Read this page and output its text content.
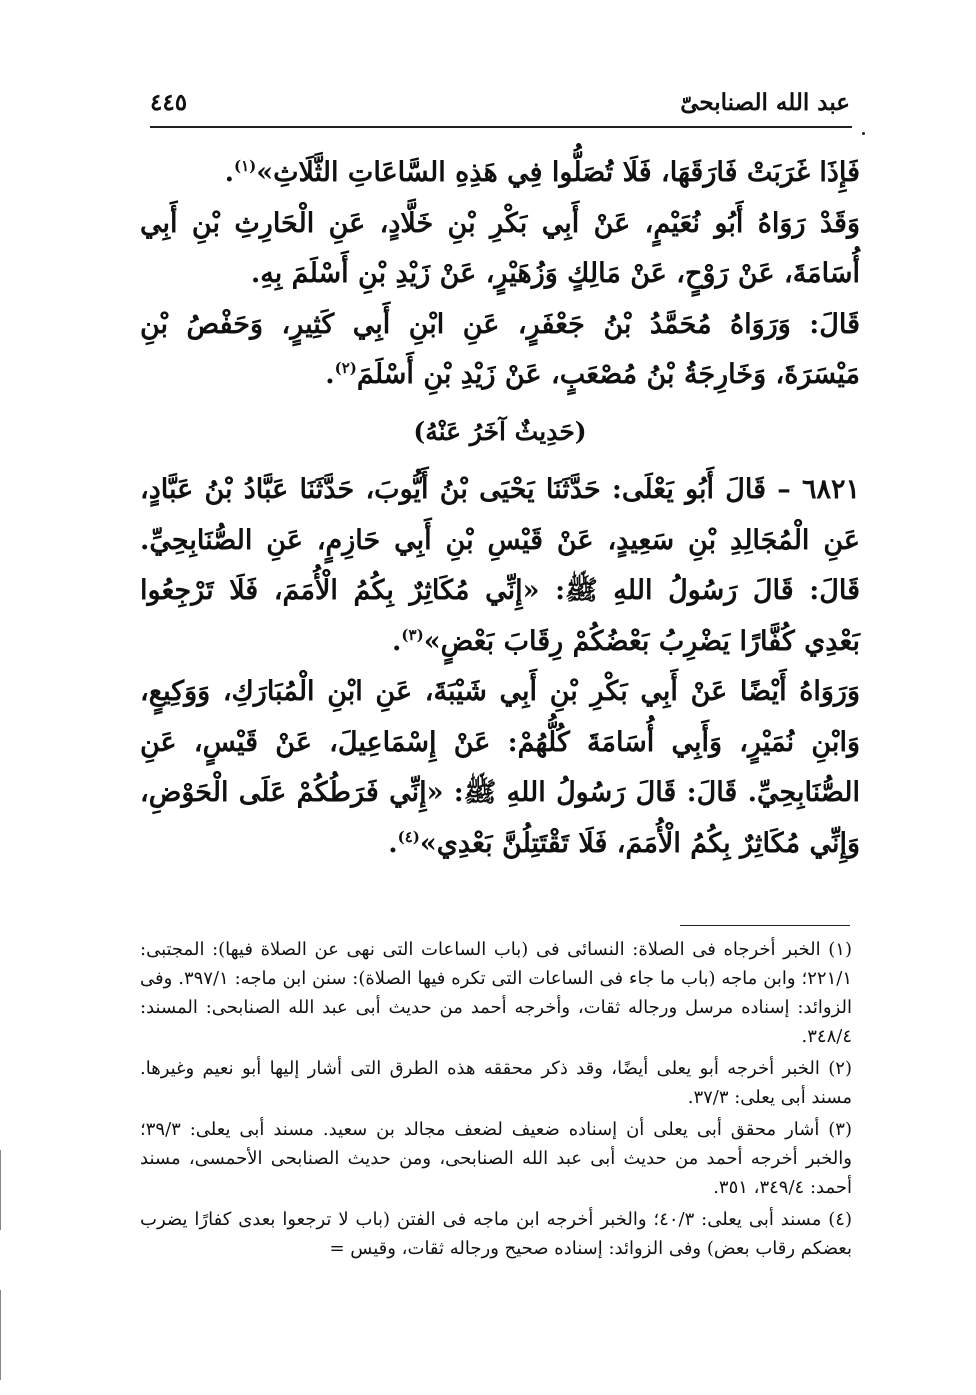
عبد الله الصنابحىّ
٤٤٥

فَإِذَا غَرَبَتْ فَارَقَهَا، فَلَا تُصَلُّوا فِي هَذِهِ السَّاعَاتِ الثَّلَاثِ»$^{(١)}$.

وَقَدْ رَوَاهُ أَبُو نُعَيْمٍ، عَنْ أَبِي بَكْرِ بْنِ خَلَّادٍ، عَنِ الْحَارِثِ بْنِ أَبِي أُسَامَةَ، عَنْ رَوْحٍ، عَنْ مَالِكٍ وَزُهَيْرٍ، عَنْ زَيْدِ بْنِ أَسْلَمَ بِهِ.

قَالَ: وَرَوَاهُ مُحَمَّدُ بْنُ جَعْفَرٍ، عَنِ ابْنِ أَبِي كَثِيرٍ، وَحَفْصُ بْنِ مَيْسَرَةَ، وَخَارِجَةُ بْنُ مُصْعَبٍ، عَنْ زَيْدِ بْنِ أَسْلَمَ$^{(٢)}$.

(حَدِيثٌ آخَرُ عَنْهُ)

٦٨٢١ – قَالَ أَبُو يَعْلَى: حَدَّثَنَا يَحْيَى بْنُ أَيُّوبَ، حَدَّثَنَا عَبَّادُ بْنُ عَبَّادٍ، عَنِ الْمُجَالِدِ بْنِ سَعِيدٍ، عَنْ قَيْسِ بْنِ أَبِي حَازِمٍ، عَنِ الصُّنَابِحِيِّ. قَالَ: قَالَ رَسُولُ اللهِ ﷺ: «إِنِّي مُكَاثِرٌ بِكُمُ الْأُمَمَ، فَلَا تَرْجِعُوا بَعْدِي كُفَّارًا يَضْرِبُ بَعْضُكُمْ رِقَابَ بَعْضٍ»$^{(٣)}$.

وَرَوَاهُ أَيْضًا عَنْ أَبِي بَكْرِ بْنِ أَبِي شَيْبَةَ، عَنِ ابْنِ الْمُبَارَكِ، وَوَكِيعٍ، وَابْنِ نُمَيْرٍ، وَأَبِي أُسَامَةَ كُلُّهُمْ: عَنْ إِسْمَاعِيلَ، عَنْ قَيْسٍ، عَنِ الصُّنَابِحِيِّ. قَالَ: قَالَ رَسُولُ اللهِ ﷺ: «إِنِّي فَرَطُكُمْ عَلَى الْحَوْضِ، وَإِنِّي مُكَاثِرٌ بِكُمُ الْأُمَمَ، فَلَا تَقْتَتِلُنَّ بَعْدِي»$^{(٤)}$.

(١) الخبر أخرجاه فى الصلاة: النسائى فى (باب الساعات التى نهى عن الصلاة فيها): المجتبى: ٢٢١/١؛ وابن ماجه (باب ما جاء فى الساعات التى تكره فيها الصلاة): سنن ابن ماجه: ٣٩٧/١. وفى الزوائد: إسناده مرسل ورجاله ثقات، وأخرجه أحمد من حديث أبى عبد الله الصنابحى: المسند: ٣٤٨/٤.

(٢) الخبر أخرجه أبو يعلى أيضًا، وقد ذكر محققه هذه الطرق التى أشار إليها أبو نعيم وغيرها. مسند أبى يعلى: ٣٧/٣.

(٣) أشار محقق أبى يعلى أن إسناده ضعيف لضعف مجالد بن سعيد. مسند أبى يعلى: ٣٩/٣؛ والخبر أخرجه أحمد من حديث أبى عبد الله الصنابحى، ومن حديث الصنابحى الأحمسى، مسند أحمد: ٣٤٩/٤، ٣٥١.

(٤) مسند أبى يعلى: ٤٠/٣؛ والخبر أخرجه ابن ماجه فى الفتن (باب لا ترجعوا بعدى كفارًا يضرب بعضكم رقاب بعض) وفى الزوائد: إسناده صحيح ورجاله ثقات، وقيس =
